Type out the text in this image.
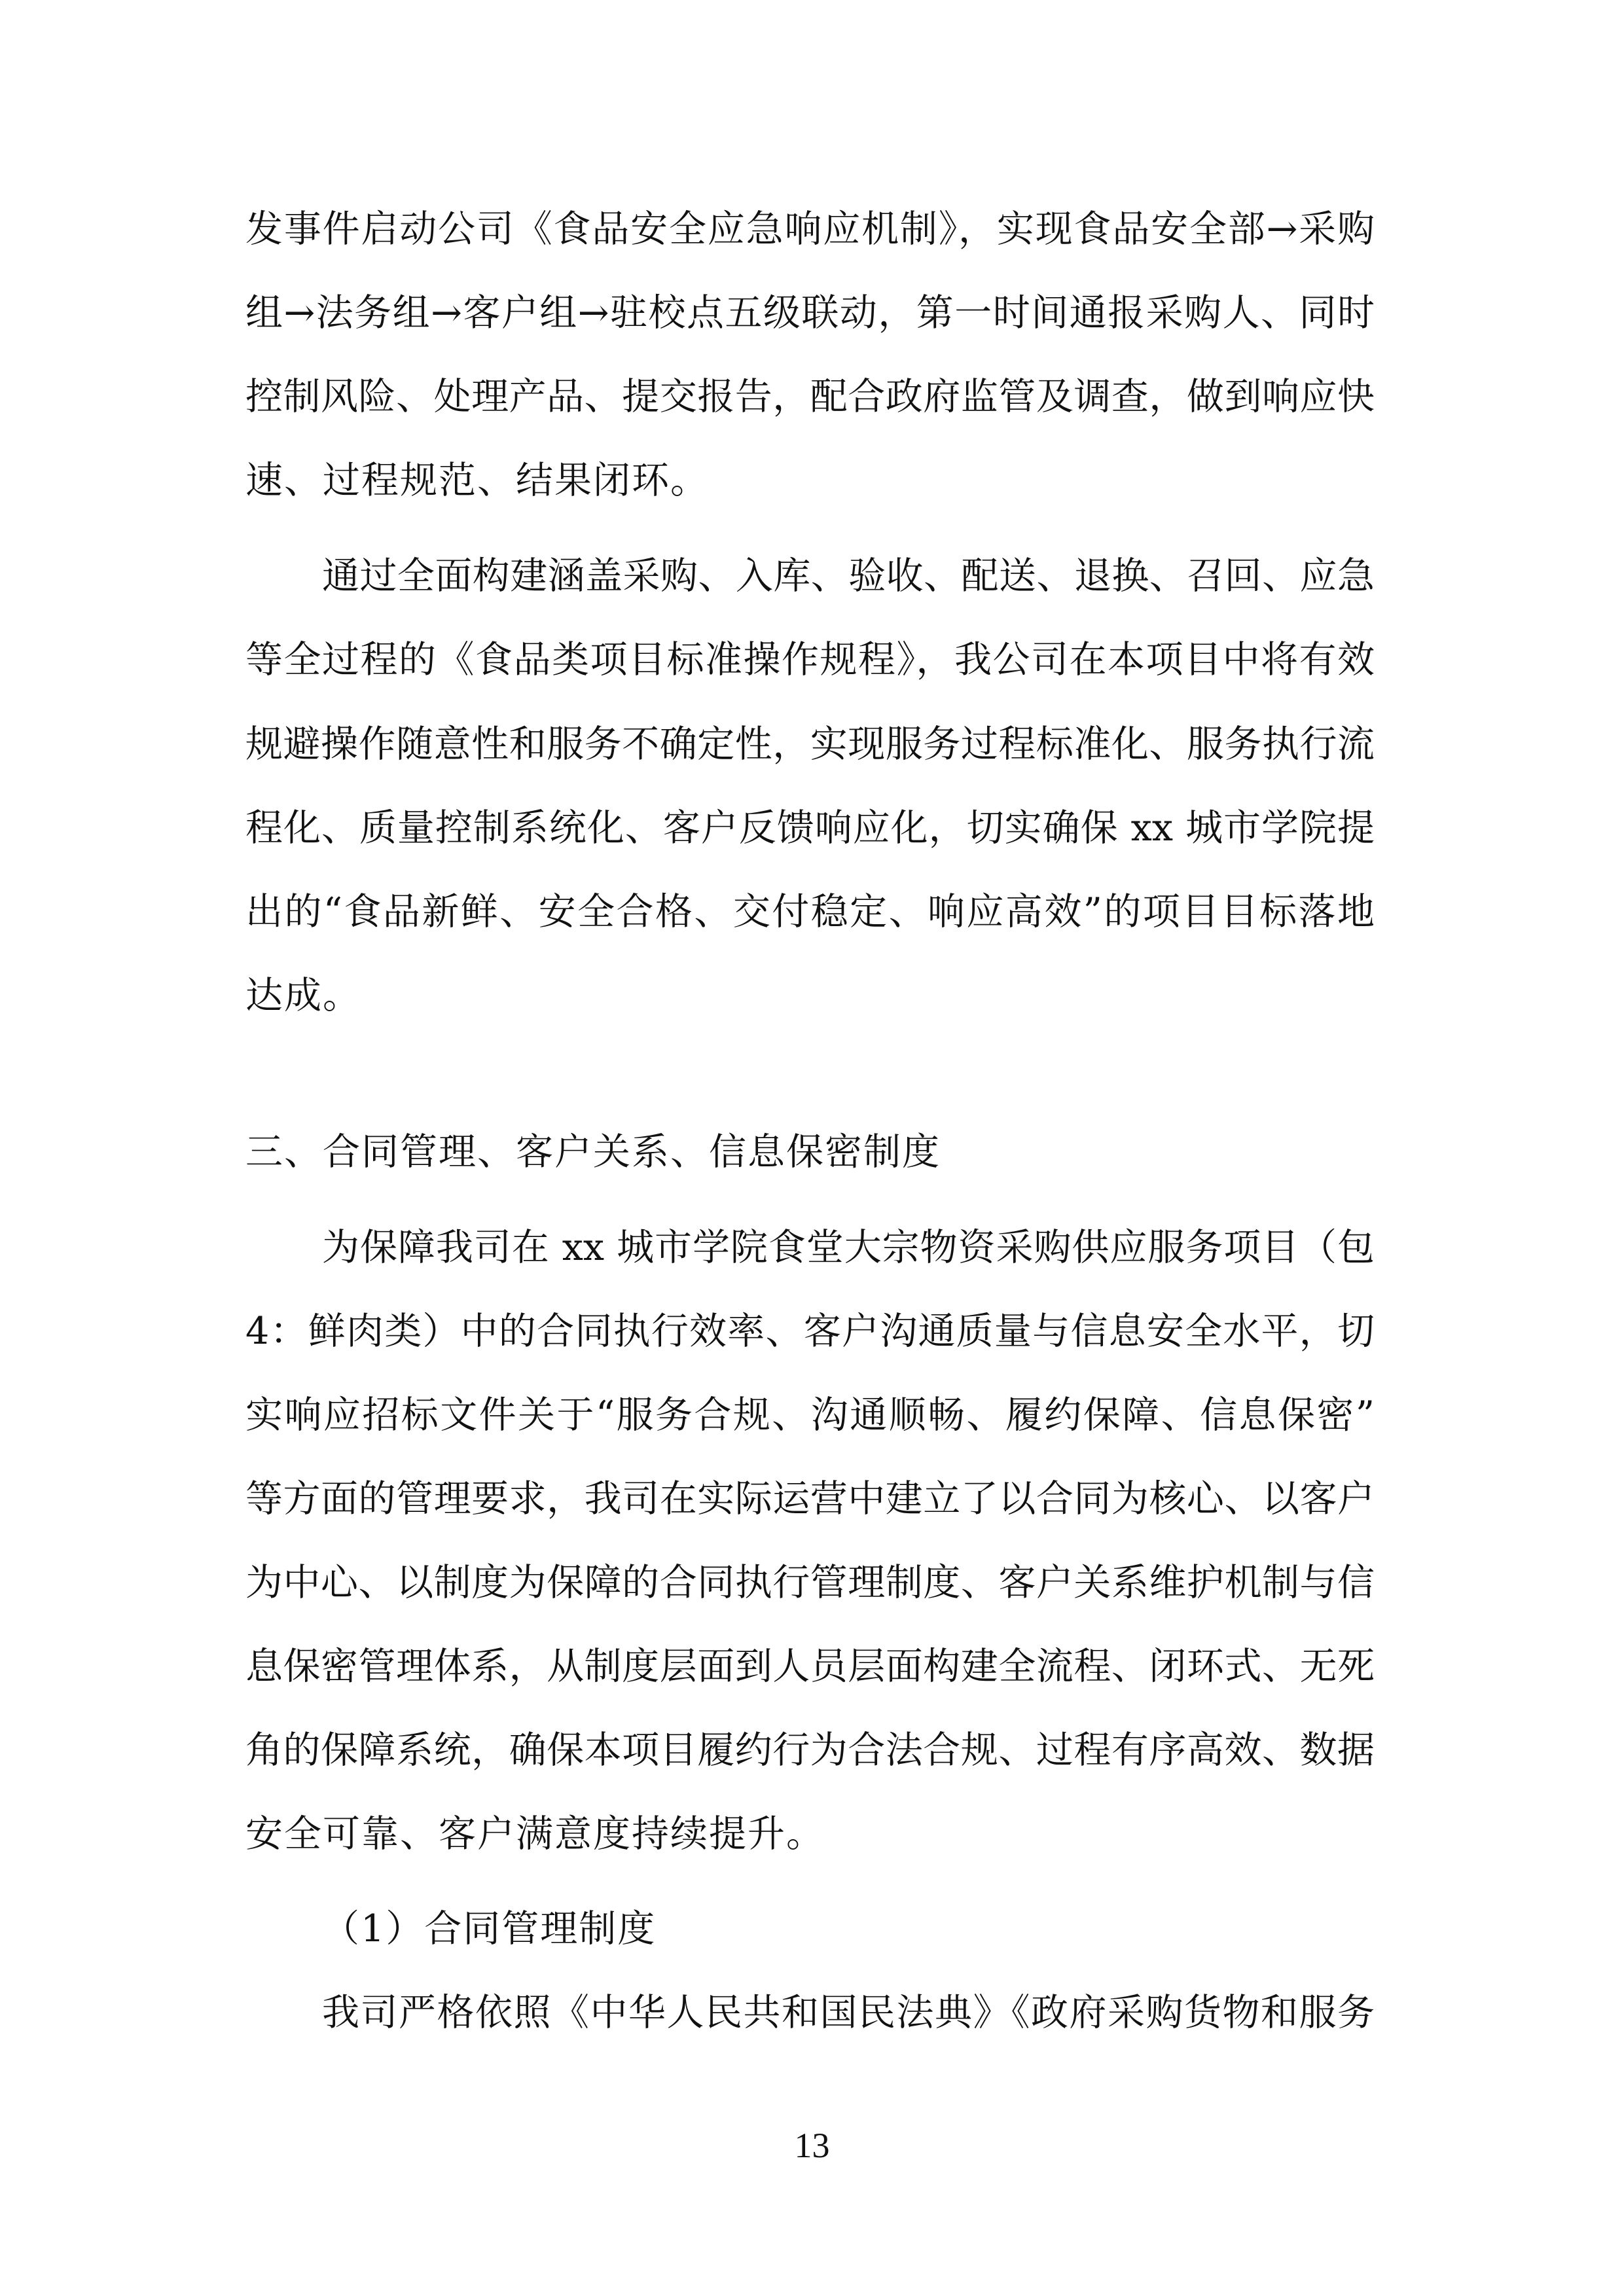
发事件启动公司《食品安全应急响应机制》，实现食品安全部→采购
组→法务组→客户组→驻校点五级联动，第一时间通报采购人、同时
控制风险、处理产品、提交报告，配合政府监管及调查，做到响应快
速、过程规范、结果闭环。
通过全面构建涵盖采购、入库、验收、配送、退换、召回、应急
等全过程的《食品类项目标准操作规程》，我公司在本项目中将有效
规避操作随意性和服务不确定性，实现服务过程标准化、服务执行流
程化、质量控制系统化、客户反馈响应化，切实确保 xx 城市学院提
出的“食品新鲜、安全合格、交付稳定、响应高效”的项目目标落地
达成。
三、合同管理、客户关系、信息保密制度
为保障我司在 xx 城市学院食堂大宗物资采购供应服务项目（包
4：鲜肉类）中的合同执行效率、客户沟通质量与信息安全水平，切
实响应招标文件关于“服务合规、沟通顺畅、履约保障、信息保密”
等方面的管理要求，我司在实际运营中建立了以合同为核心、以客户
为中心、以制度为保障的合同执行管理制度、客户关系维护机制与信
息保密管理体系，从制度层面到人员层面构建全流程、闭环式、无死
角的保障系统，确保本项目履约行为合法合规、过程有序高效、数据
安全可靠、客户满意度持续提升。
（1）合同管理制度
我司严格依照《中华人民共和国民法典》《政府采购货物和服务
13
